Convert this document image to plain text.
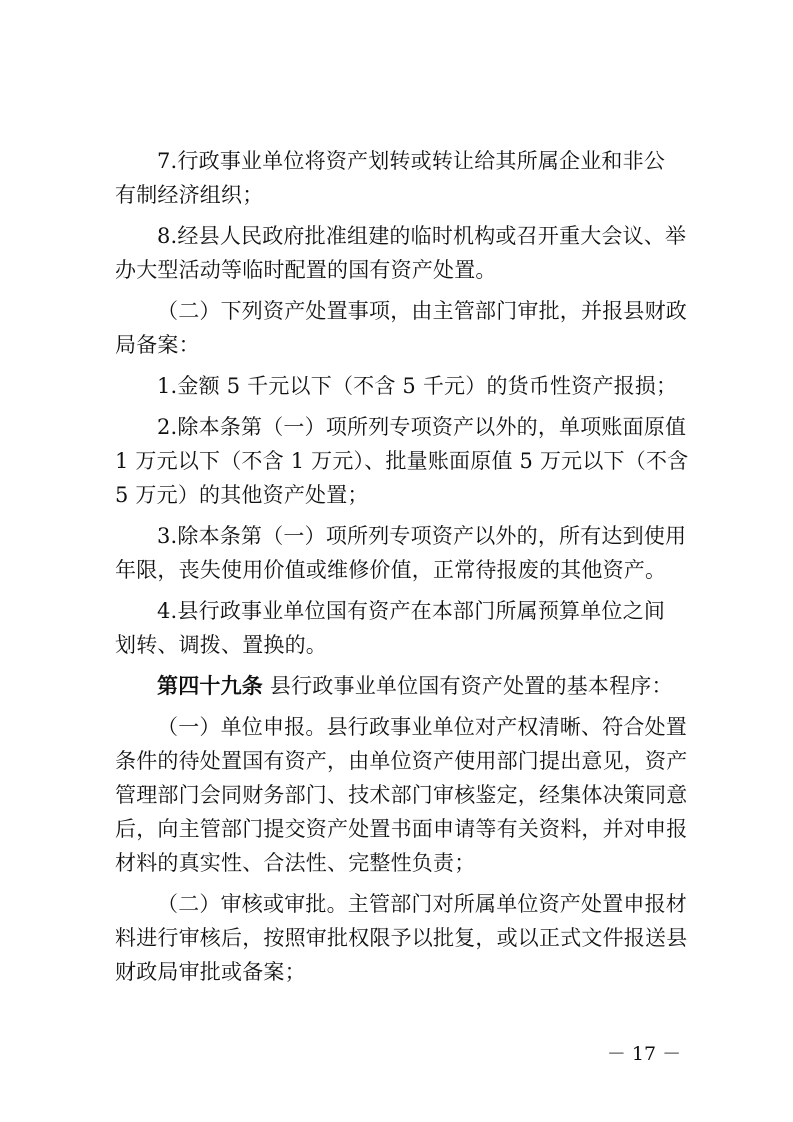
7.行政事业单位将资产划转或转让给其所属企业和非公
有制经济组织；
8.经县人民政府批准组建的临时机构或召开重大会议、举
办大型活动等临时配置的国有资产处置。
（二）下列资产处置事项，由主管部门审批，并报县财政
局备案：
1.金额 5 千元以下（不含 5 千元）的货币性资产报损；
2.除本条第（一）项所列专项资产以外的，单项账面原值
1 万元以下（不含 1 万元）、批量账面原值 5 万元以下（不含
5 万元）的其他资产处置；
3.除本条第（一）项所列专项资产以外的，所有达到使用
年限，丧失使用价值或维修价值，正常待报废的其他资产。
4.县行政事业单位国有资产在本部门所属预算单位之间
划转、调拨、置换的。
第四十九条 县行政事业单位国有资产处置的基本程序：
（一）单位申报。县行政事业单位对产权清晰、符合处置
条件的待处置国有资产，由单位资产使用部门提出意见，资产
管理部门会同财务部门、技术部门审核鉴定，经集体决策同意
后，向主管部门提交资产处置书面申请等有关资料，并对申报
材料的真实性、合法性、完整性负责；
（二）审核或审批。主管部门对所属单位资产处置申报材
料进行审核后，按照审批权限予以批复，或以正式文件报送县
财政局审批或备案；
－ 17 －
